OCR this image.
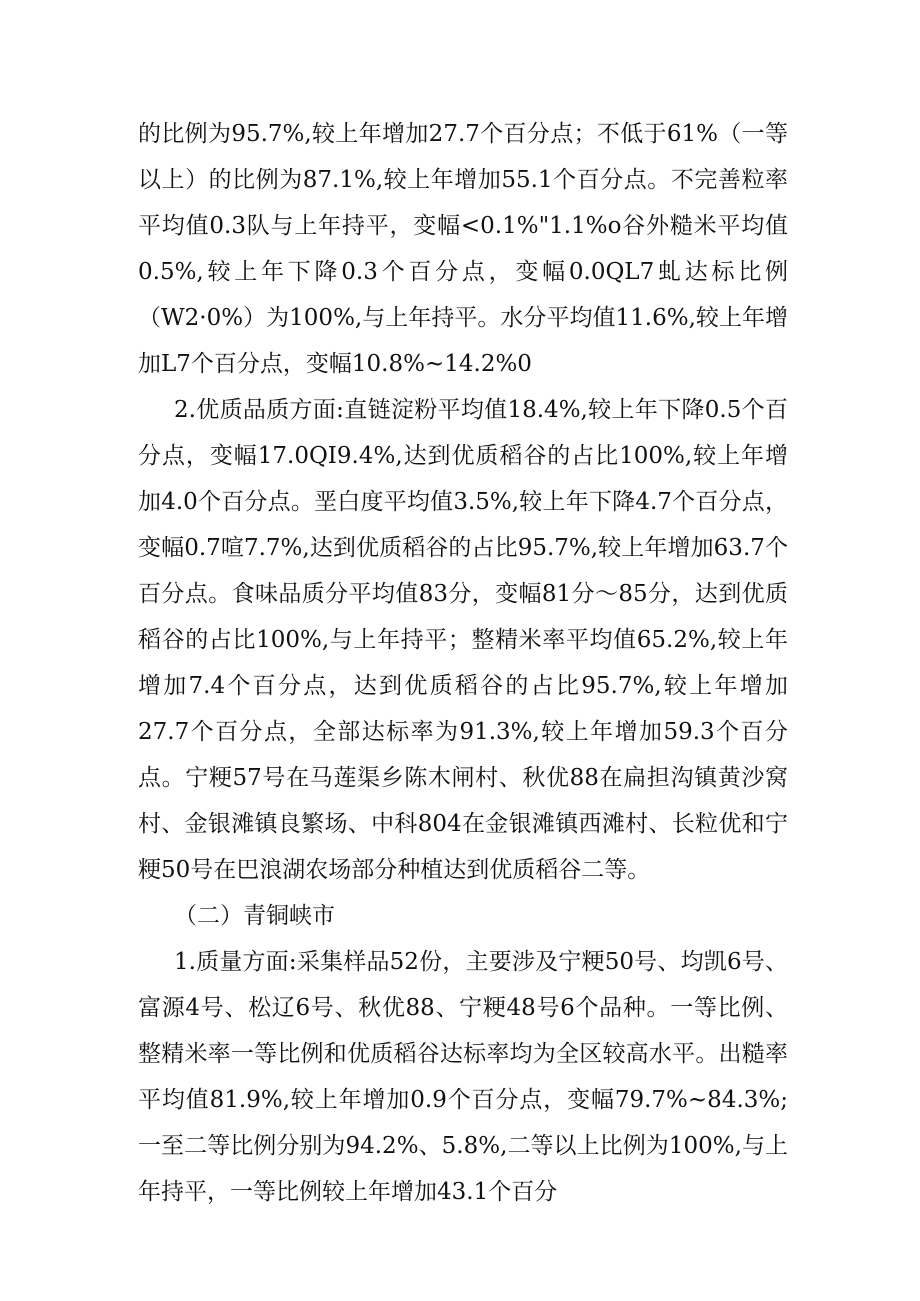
的比例为95.7%,较上年增加27.7个百分点；不低于61%（一等以上）的比例为87.1%,较上年增加55.1个百分点。不完善粒率平均值0.3队与上年持平，变幅<0.1%"1.1%o谷外糙米平均值0.5%,较上年下降0.3个百分点，变幅0.0QL7虬达标比例（W2·0%）为100%,与上年持平。水分平均值11.6%,较上年增加L7个百分点，变幅10.8%~14.2%0

2.优质品质方面:直链淀粉平均值18.4%,较上年下降0.5个百分点，变幅17.0QI9.4%,达到优质稻谷的占比100%,较上年增加4.0个百分点。垩白度平均值3.5%,较上年下降4.7个百分点，变幅0.7喧7.7%,达到优质稻谷的占比95.7%,较上年增加63.7个百分点。食味品质分平均值83分，变幅81分～85分，达到优质稻谷的占比100%,与上年持平；整精米率平均值65.2%,较上年增加7.4个百分点，达到优质稻谷的占比95.7%,较上年增加27.7个百分点，全部达标率为91.3%,较上年增加59.3个百分点。宁粳57号在马莲渠乡陈木闸村、秋优88在扁担沟镇黄沙窝村、金银滩镇良繁场、中科804在金银滩镇西滩村、长粒优和宁粳50号在巴浪湖农场部分种植达到优质稻谷二等。

（二）青铜峡市

1.质量方面:采集样品52份，主要涉及宁粳50号、均凯6号、富源4号、松辽6号、秋优88、宁粳48号6个品种。一等比例、整精米率一等比例和优质稻谷达标率均为全区较高水平。出糙率平均值81.9%,较上年增加0.9个百分点，变幅79.7%~84.3%;一至二等比例分别为94.2%、5.8%,二等以上比例为100%,与上年持平，一等比例较上年增加43.1个百分
